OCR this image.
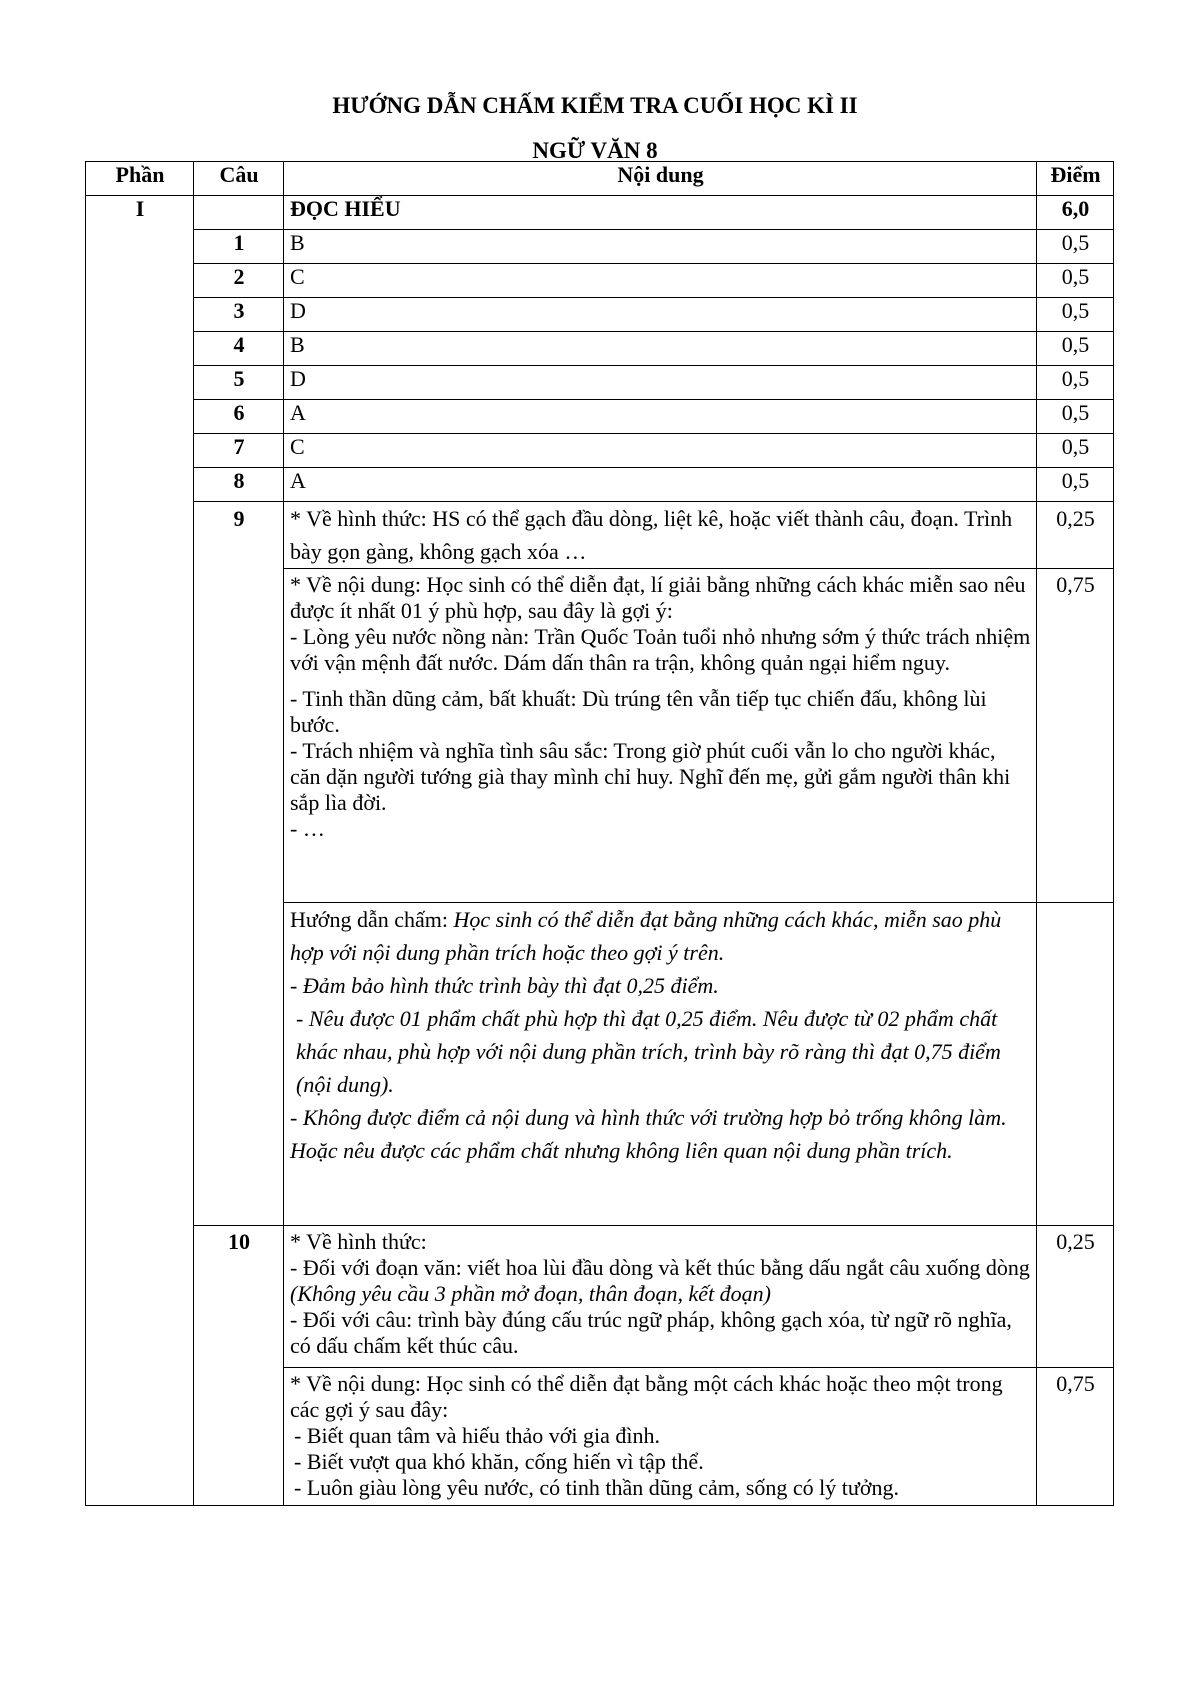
HƯỚNG DẪN CHẤM KIỂM TRA CUỐI HỌC KÌ II
NGỮ VĂN 8
Phần	Câu	Nội dung	Điểm
I		ĐỌC HIỂU	6,0
	1	B	0,5
	2	C	0,5
	3	D	0,5
	4	B	0,5
	5	D	0,5
	6	A	0,5
	7	C	0,5
	8	A	0,5
	9	* Về hình thức: HS có thể gạch đầu dòng, liệt kê, hoặc viết thành câu, đoạn. Trình bày gọn gàng, không gạch xóa …	0,25

		* Về nội dung: Học sinh có thể diễn đạt, lí giải bằng những cách khác miễn sao nêu được ít nhất 01 ý phù hợp, sau đây là gợi ý:

- Lòng yêu nước nồng nàn: Trần Quốc Toản tuổi nhỏ nhưng sớm ý thức trách nhiệm với vận mệnh đất nước. Dám dấn thân ra trận, không quản ngại hiểm nguy.

- Tinh thần dũng cảm, bất khuất: Dù trúng tên vẫn tiếp tục chiến đấu, không lùi bước.

- Trách nhiệm và nghĩa tình sâu sắc: Trong giờ phút cuối vẫn lo cho người khác, căn dặn người tướng già thay mình chỉ huy. Nghĩ đến mẹ, gửi gắm người thân khi sắp lìa đời.

- …	0,75

		Hướng dẫn chấm: Học sinh có thể diễn đạt bằng những cách khác, miễn sao phù hợp với nội dung phần trích hoặc theo gợi ý trên.

- Đảm bảo hình thức trình bày thì đạt 0,25 điểm.

- Nêu được 01 phẩm chất phù hợp thì đạt 0,25 điểm. Nêu được từ 02 phẩm chất khác nhau, phù hợp với nội dung phần trích, trình bày rõ ràng thì đạt 0,75 điểm (nội dung).

- Không được điểm cả nội dung và hình thức với trường hợp bỏ trống không làm. Hoặc nêu được các phẩm chất nhưng không liên quan nội dung phần trích.	

	10	* Về hình thức:

- Đối với đoạn văn: viết hoa lùi đầu dòng và kết thúc bằng dấu ngắt câu xuống dòng (Không yêu cầu 3 phần mở đoạn, thân đoạn, kết đoạn)

- Đối với câu: trình bày đúng cấu trúc ngữ pháp, không gạch xóa, từ ngữ rõ nghĩa, có dấu chấm kết thúc câu.	0,25

		* Về nội dung: Học sinh có thể diễn đạt bằng một cách khác hoặc theo một trong các gợi ý sau đây:

- Biết quan tâm và hiếu thảo với gia đình.

- Biết vượt qua khó khăn, cống hiến vì tập thể.

- Luôn giàu lòng yêu nước, có tinh thần dũng cảm, sống có lý tưởng.	0,75
